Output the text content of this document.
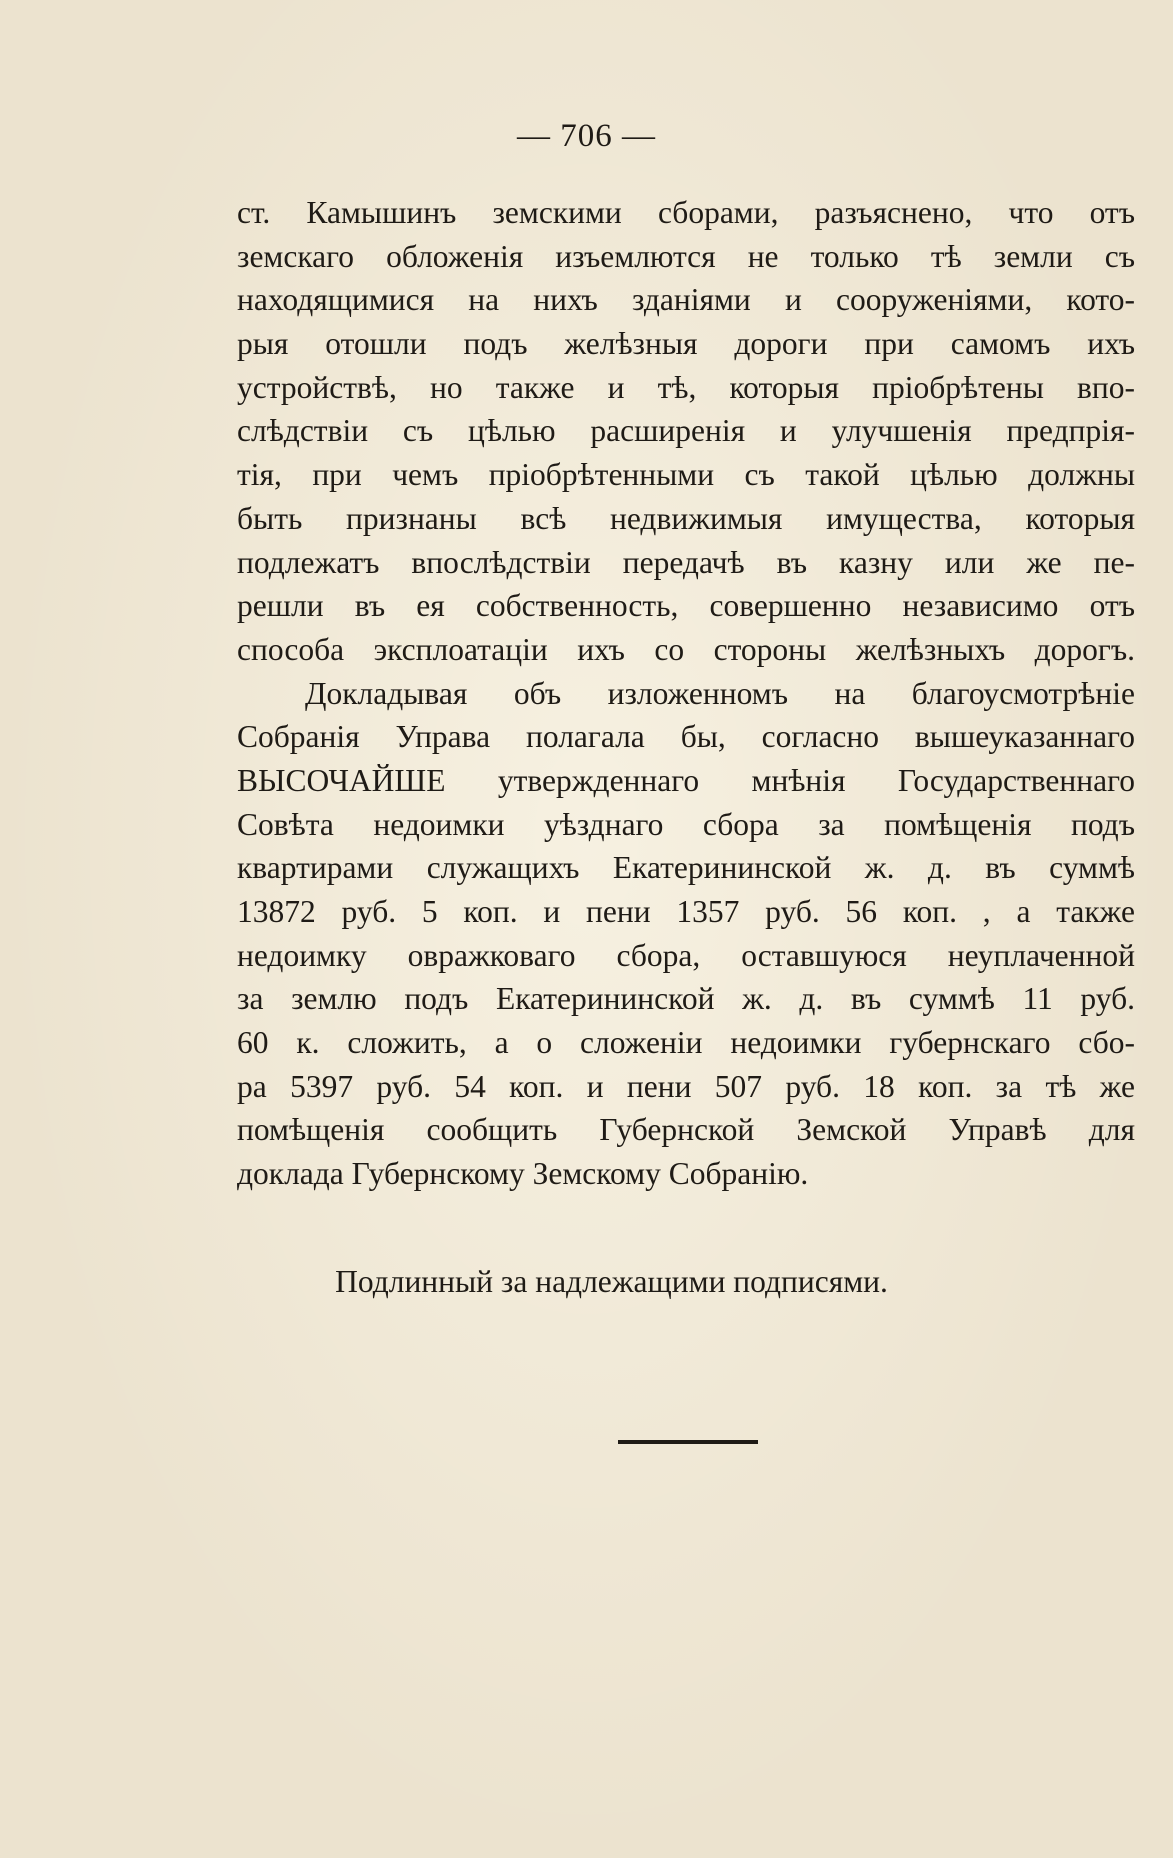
— 706 —
ст. Камышинъ земскими сборами, разъяснено, что отъ
земскаго обложенія изъемлются не только тѣ земли съ
находящимися на нихъ зданіями и сооруженіями, кото-
рыя отошли подъ желѣзныя дороги при самомъ ихъ
устройствѣ, но также и тѣ, которыя пріобрѣтены впо-
слѣдствіи съ цѣлью расширенія и улучшенія предпрія-
тія, при чемъ пріобрѣтенными съ такой цѣлью должны
быть признаны всѣ недвижимыя имущества, которыя
подлежатъ впослѣдствіи передачѣ въ казну или же пе-
решли въ ея собственность, совершенно независимо отъ
способа эксплоатаціи ихъ со стороны желѣзныхъ дорогъ.
Докладывая объ изложенномъ на благоусмотрѣніе
Собранія Управа полагала бы, согласно вышеуказаннаго
ВЫСОЧАЙШЕ утвержденнаго мнѣнія Государственнаго
Совѣта недоимки уѣзднаго сбора за помѣщенія подъ
квартирами служащихъ Екатерининской ж. д. въ суммѣ
13872 руб. 5 коп. и пени 1357 руб. 56 коп. , а также
недоимку овражковаго сбора, оставшуюся неуплаченной
за землю подъ Екатерининской ж. д. въ суммѣ 11 руб.
60 к. сложить, а о сложеніи недоимки губернскаго сбо-
ра 5397 руб. 54 коп. и пени 507 руб. 18 коп. за тѣ же
помѣщенія сообщить Губернской Земской Управѣ для
доклада Губернскому Земскому Собранію.
Подлинный за надлежащими подписями.
